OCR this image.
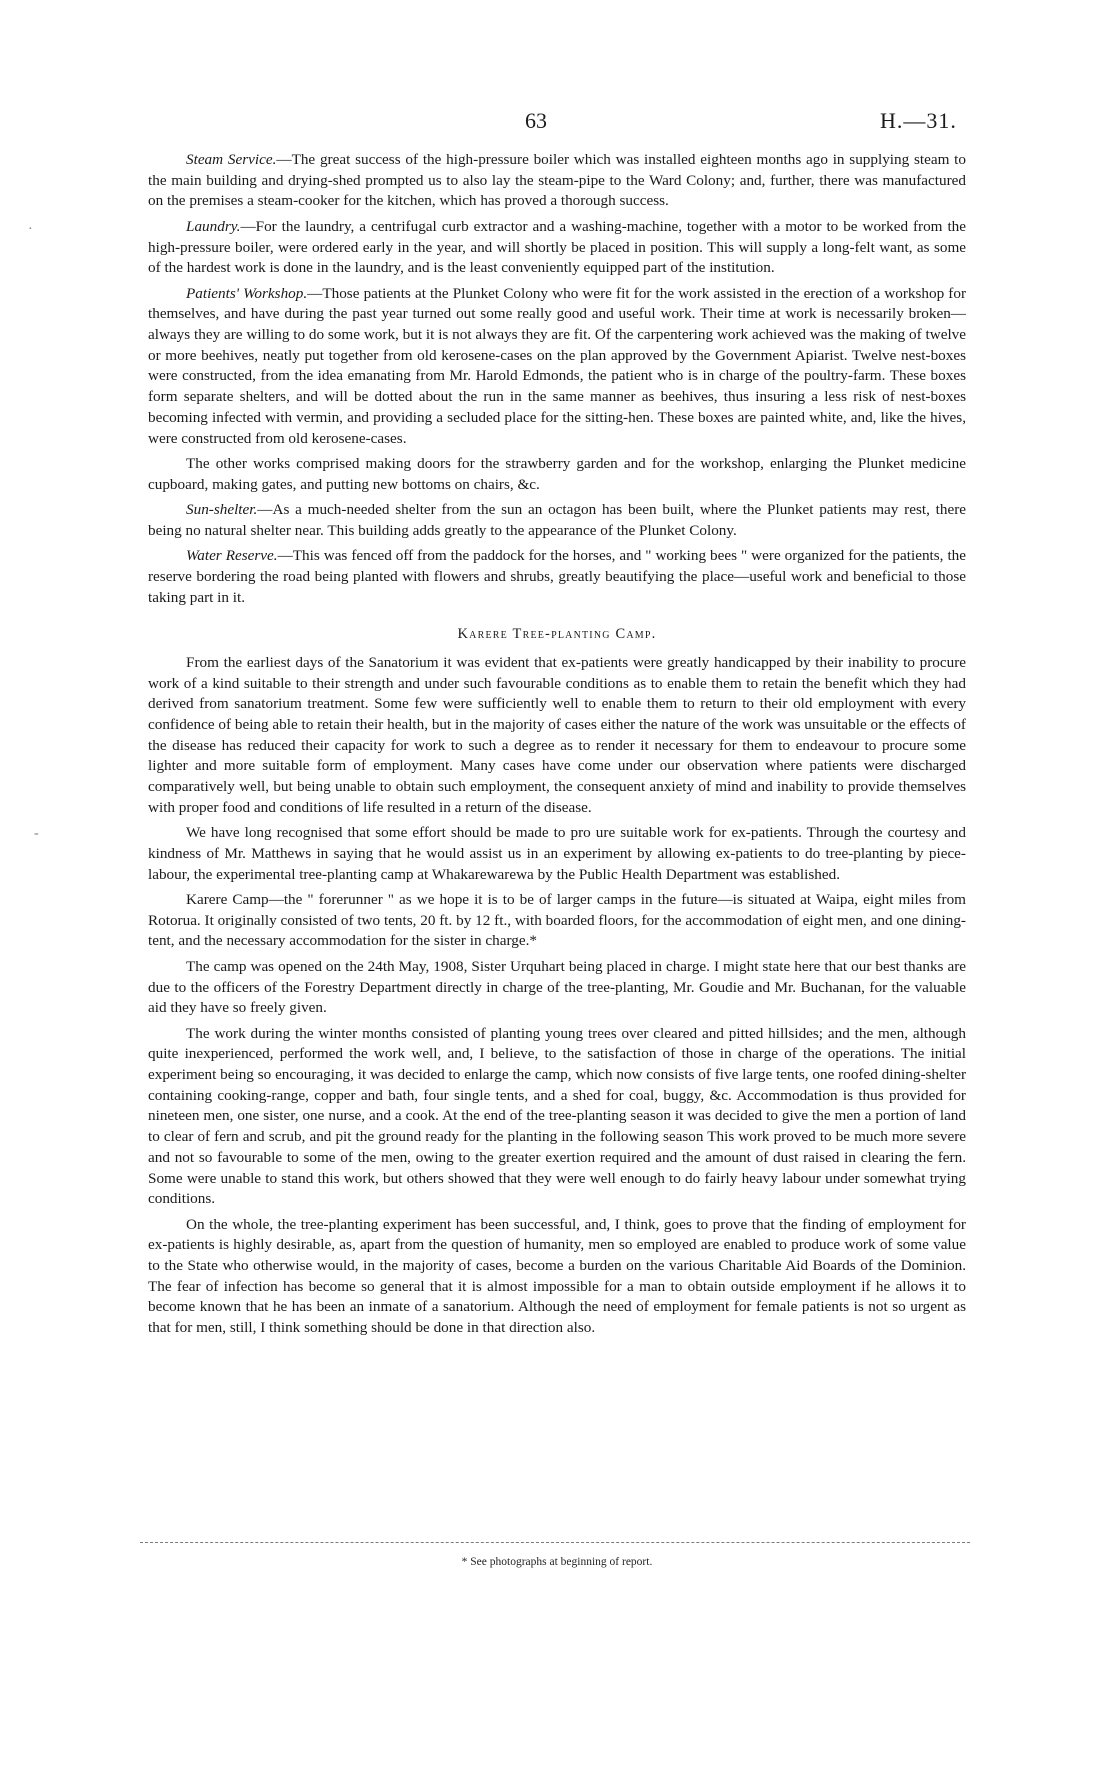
63	H.—31.
·
-

Steam Service.—The great success of the high-pressure boiler which was installed eighteen months ago in supplying steam to the main building and drying-shed prompted us to also lay the steam-pipe to the Ward Colony; and, further, there was manufactured on the premises a steam-cooker for the kitchen, which has proved a thorough success.

Laundry.—For the laundry, a centrifugal curb extractor and a washing-machine, together with a motor to be worked from the high-pressure boiler, were ordered early in the year, and will shortly be placed in position. This will supply a long-felt want, as some of the hardest work is done in the laundry, and is the least conveniently equipped part of the institution.

Patients' Workshop.—Those patients at the Plunket Colony who were fit for the work assisted in the erection of a workshop for themselves, and have during the past year turned out some really good and useful work. Their time at work is necessarily broken—always they are willing to do some work, but it is not always they are fit. Of the carpentering work achieved was the making of twelve or more beehives, neatly put together from old kerosene-cases on the plan approved by the Government Apiarist. Twelve nest-boxes were constructed, from the idea emanating from Mr. Harold Edmonds, the patient who is in charge of the poultry-farm. These boxes form separate shelters, and will be dotted about the run in the same manner as beehives, thus insuring a less risk of nest-boxes becoming infected with vermin, and providing a secluded place for the sitting-hen. These boxes are painted white, and, like the hives, were constructed from old kerosene-cases.

The other works comprised making doors for the strawberry garden and for the workshop, enlarging the Plunket medicine cupboard, making gates, and putting new bottoms on chairs, &c.

Sun-shelter.—As a much-needed shelter from the sun an octagon has been built, where the Plunket patients may rest, there being no natural shelter near. This building adds greatly to the appearance of the Plunket Colony.

Water Reserve.—This was fenced off from the paddock for the horses, and " working bees " were organized for the patients, the reserve bordering the road being planted with flowers and shrubs, greatly beautifying the place—useful work and beneficial to those taking part in it.

Karere Tree-planting Camp.

From the earliest days of the Sanatorium it was evident that ex-patients were greatly handicapped by their inability to procure work of a kind suitable to their strength and under such favourable conditions as to enable them to retain the benefit which they had derived from sanatorium treatment. Some few were sufficiently well to enable them to return to their old employment with every confidence of being able to retain their health, but in the majority of cases either the nature of the work was unsuitable or the effects of the disease has reduced their capacity for work to such a degree as to render it necessary for them to endeavour to procure some lighter and more suitable form of employment. Many cases have come under our observation where patients were discharged comparatively well, but being unable to obtain such employment, the consequent anxiety of mind and inability to provide themselves with proper food and conditions of life resulted in a return of the disease.

We have long recognised that some effort should be made to pro ure suitable work for ex-patients. Through the courtesy and kindness of Mr. Matthews in saying that he would assist us in an experiment by allowing ex-patients to do tree-planting by piece-labour, the experimental tree-planting camp at Whakarewarewa by the Public Health Department was established.

Karere Camp—the " forerunner " as we hope it is to be of larger camps in the future—is situated at Waipa, eight miles from Rotorua. It originally consisted of two tents, 20 ft. by 12 ft., with boarded floors, for the accommodation of eight men, and one dining-tent, and the necessary accommodation for the sister in charge.*

The camp was opened on the 24th May, 1908, Sister Urquhart being placed in charge. I might state here that our best thanks are due to the officers of the Forestry Department directly in charge of the tree-planting, Mr. Goudie and Mr. Buchanan, for the valuable aid they have so freely given.

The work during the winter months consisted of planting young trees over cleared and pitted hillsides; and the men, although quite inexperienced, performed the work well, and, I believe, to the satisfaction of those in charge of the operations. The initial experiment being so encouraging, it was decided to enlarge the camp, which now consists of five large tents, one roofed dining-shelter containing cooking-range, copper and bath, four single tents, and a shed for coal, buggy, &c. Accommodation is thus provided for nineteen men, one sister, one nurse, and a cook. At the end of the tree-planting season it was decided to give the men a portion of land to clear of fern and scrub, and pit the ground ready for the planting in the following season This work proved to be much more severe and not so favourable to some of the men, owing to the greater exertion required and the amount of dust raised in clearing the fern. Some were unable to stand this work, but others showed that they were well enough to do fairly heavy labour under somewhat trying conditions.

On the whole, the tree-planting experiment has been successful, and, I think, goes to prove that the finding of employment for ex-patients is highly desirable, as, apart from the question of humanity, men so employed are enabled to produce work of some value to the State who otherwise would, in the majority of cases, become a burden on the various Charitable Aid Boards of the Dominion. The fear of infection has become so general that it is almost impossible for a man to obtain outside employment if he allows it to become known that he has been an inmate of a sanatorium. Although the need of employment for female patients is not so urgent as that for men, still, I think something should be done in that direction also.

* See photographs at beginning of report.
